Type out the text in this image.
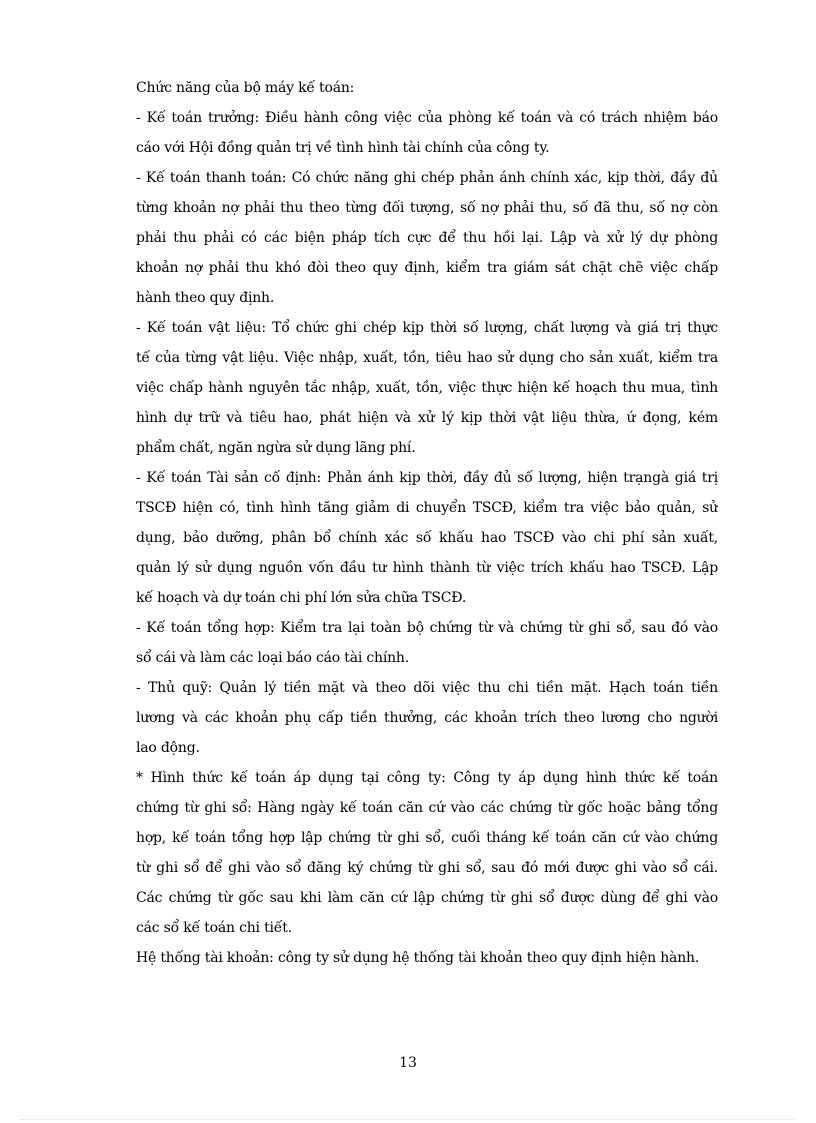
Chức năng của bộ máy kế toán:
- Kế toán trưởng: Điều hành công việc của phòng kế toán và có trách nhiệm báo
cáo với Hội đồng quản trị về tình hình tài chính của công ty.
- Kế toán thanh toán: Có chức năng ghi chép phản ánh chính xác, kịp thời, đầy đủ
từng khoản nợ phải thu theo từng đối tượng, số nợ phải thu, số đã thu, số nợ còn
phải thu phải có các biện pháp tích cực để thu hồi lại. Lập và xử lý dự phòng
khoản nợ phải thu khó đòi theo quy định, kiểm tra giám sát chặt chẽ việc chấp
hành theo quy định.
- Kế toán vật liệu: Tổ chức ghi chép kịp thời số lượng, chất lượng và giá trị thực
tế của từng vật liệu. Việc nhập, xuất, tồn, tiêu hao sử dụng cho sản xuất, kiểm tra
việc chấp hành nguyên tắc nhập, xuất, tồn, việc thực hiện kế hoạch thu mua, tình
hình dự trữ và tiêu hao, phát hiện và xử lý kịp thời vật liệu thừa, ứ đọng, kém
phẩm chất, ngăn ngừa sử dụng lãng phí.
- Kế toán Tài sản cố định: Phản ánh kịp thời, đầy đủ số lượng, hiện trạngà giá trị
TSCĐ hiện có, tình hình tăng giảm di chuyển TSCĐ, kiểm tra việc bảo quản, sử
dụng, bảo dưỡng, phân bổ chính xác số khấu hao TSCĐ vào chi phí sản xuất,
quản lý sử dụng nguồn vốn đầu tư hình thành từ việc trích khấu hao TSCĐ. Lập
kế hoạch và dự toán chi phí lớn sửa chữa TSCĐ.
- Kế toán tổng hợp: Kiểm tra lại toàn bộ chứng từ và chứng từ ghi sổ, sau đó vào
sổ cái và làm các loại báo cáo tài chính.
- Thủ quỹ: Quản lý tiền mặt và theo dõi việc thu chi tiền mặt. Hạch toán tiền
lương và các khoản phụ cấp tiền thưởng, các khoản trích theo lương cho người
lao động.
* Hình thức kế toán áp dụng tại công ty: Công ty áp dụng hình thức kế toán
chứng từ ghi sổ: Hàng ngày kế toán căn cứ vào các chứng từ gốc hoặc bảng tổng
hợp, kế toán tổng hợp lập chứng từ ghi sổ, cuối tháng kế toán căn cứ vào chứng
từ ghi sổ để ghi vào sổ đăng ký chứng từ ghi sổ, sau đó mới được ghi vào sổ cái.
Các chứng từ gốc sau khi làm căn cứ lập chứng từ ghi sổ được dùng để ghi vào
các sổ kế toán chi tiết.
Hệ thống tài khoản: công ty sử dụng hệ thống tài khoản theo quy định hiện hành.
13
